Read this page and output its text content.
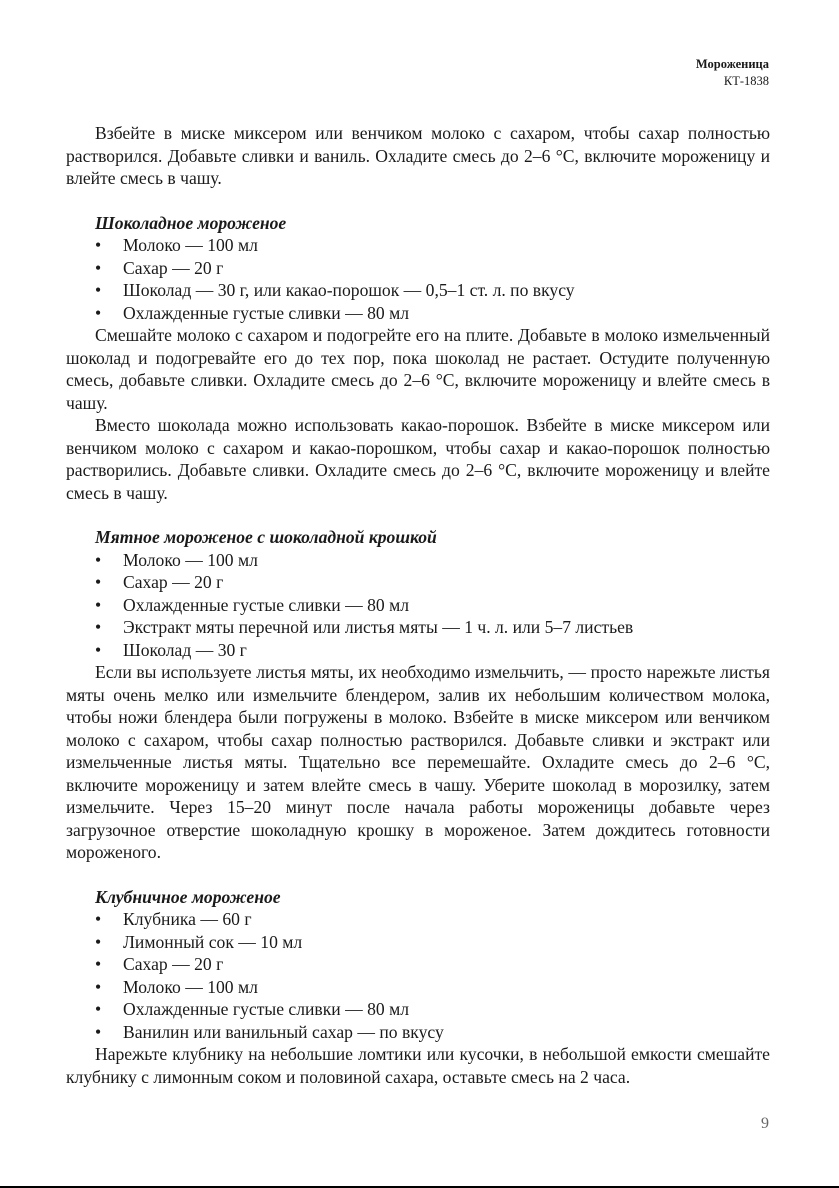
Мороженица
КТ-1838

Взбейте в миске миксером или венчиком молоко с сахаром, чтобы сахар полностью растворился. Добавьте сливки и ваниль. Охладите смесь до 2–6 °С, включите мороженицу и влейте смесь в чашу.

Шоколадное мороженое
• Молоко — 100 мл
• Сахар — 20 г
• Шоколад — 30 г, или какао-порошок — 0,5–1 ст. л. по вкусу
• Охлажденные густые сливки — 80 мл

Смешайте молоко с сахаром и подогрейте его на плите. Добавьте в молоко измельченный шоколад и подогревайте его до тех пор, пока шоколад не растает. Остудите полученную смесь, добавьте сливки. Охладите смесь до 2–6 °С, включите мороженицу и влейте смесь в чашу.

Вместо шоколада можно использовать какао-порошок. Взбейте в миске миксером или венчиком молоко с сахаром и какао-порошком, чтобы сахар и какао-порошок полностью растворились. Добавьте сливки. Охладите смесь до 2–6 °С, включите мороженицу и влейте смесь в чашу.

Мятное мороженое с шоколадной крошкой
• Молоко — 100 мл
• Сахар — 20 г
• Охлажденные густые сливки — 80 мл
• Экстракт мяты перечной или листья мяты — 1 ч. л. или 5–7 листьев
• Шоколад — 30 г

Если вы используете листья мяты, их необходимо измельчить, — просто нарежьте листья мяты очень мелко или измельчите блендером, залив их небольшим количеством молока, чтобы ножи блендера были погружены в молоко. Взбейте в миске миксером или венчиком молоко с сахаром, чтобы сахар полностью растворился. Добавьте сливки и экстракт или измельченные листья мяты. Тщательно все перемешайте. Охладите смесь до 2–6 °С, включите мороженицу и затем влейте смесь в чашу. Уберите шоколад в морозилку, затем измельчите. Через 15–20 минут после начала работы мороженицы добавьте через загрузочное отверстие шоколадную крошку в мороженое. Затем дождитесь готовности мороженого.

Клубничное мороженое
• Клубника — 60 г
• Лимонный сок — 10 мл
• Сахар — 20 г
• Молоко — 100 мл
• Охлажденные густые сливки — 80 мл
• Ванилин или ванильный сахар — по вкусу

Нарежьте клубнику на небольшие ломтики или кусочки, в небольшой емкости смешайте клубнику с лимонным соком и половиной сахара, оставьте смесь на 2 часа.

9
